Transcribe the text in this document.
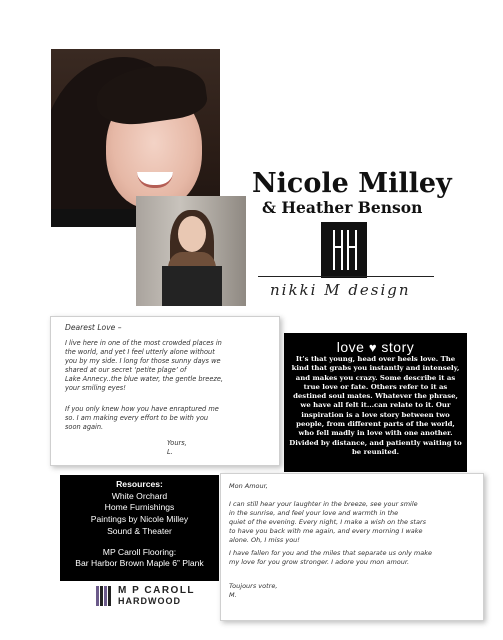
Nicole Milley
& Heather Benson
nikki M design
Dearest Love –
I live here in one of the most crowded places in
the world, and yet I feel utterly alone without
you by my side. I long for those sunny days we
shared at our secret ‘petite plage’ of
Lake Annecy..the blue water, the gentle breeze,
your smiling eyes!
If you only knew how you have enraptured me
so. I am making every effort to be with you
soon again.
Yours,
L.
love ♥ story
It’s that young, head over heels love. The kind that grabs you instantly and intensely, and makes you crazy. Some describe it as true love or fate. Others refer to it as destined soul mates. Whatever the phrase, we have all felt it...can relate to it. Our inspiration is a love story between two people, from different parts of the world, who fell madly in love with one another. Divided by distance, and patiently waiting to be reunited.
Mon Amour,
I can still hear your laughter in the breeze, see your smile
in the sunrise, and feel your love and warmth in the
quiet of the evening. Every night, I make a wish on the stars
to have you back with me again, and every morning I wake
alone. Oh, I miss you!
I have fallen for you and the miles that separate us only make
my love for you grow stronger. I adore you mon amour.
Toujours votre,
M.
Resources:
White Orchard
Home Furnishings
Paintings by Nicole Milley
Sound & Theater
MP Caroll Flooring:
Bar Harbor Brown Maple 6” Plank
M P CAROLL
HARDWOOD
